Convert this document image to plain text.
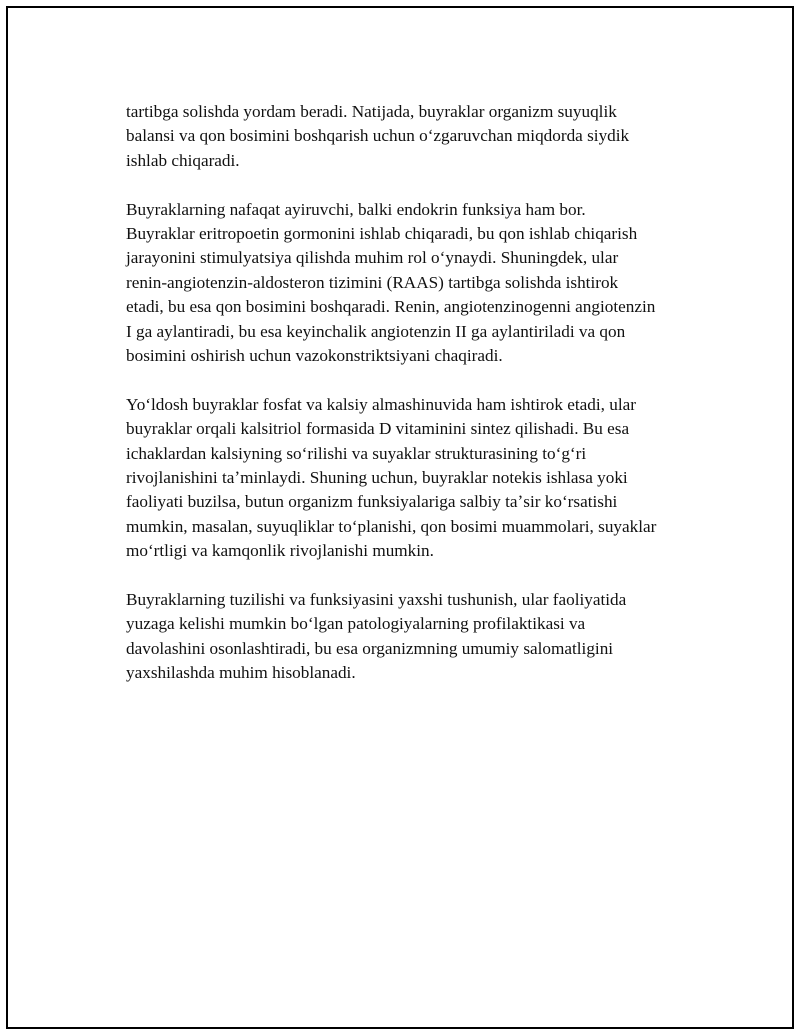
tartibga solishda yordam beradi. Natijada, buyraklar organizm suyuqlik
balansi va qon bosimini boshqarish uchun oʻzgaruvchan miqdorda siydik
ishlab chiqaradi.

Buyraklarning nafaqat ayiruvchi, balki endokrin funksiya ham bor.
Buyraklar eritropoetin gormonini ishlab chiqaradi, bu qon ishlab chiqarish
jarayonini stimulyatsiya qilishda muhim rol oʻynaydi. Shuningdek, ular
renin-angiotenzin-aldosteron tizimini (RAAS) tartibga solishda ishtirok
etadi, bu esa qon bosimini boshqaradi. Renin, angiotenzinogenni angiotenzin
I ga aylantiradi, bu esa keyinchalik angiotenzin II ga aylantiriladi va qon
bosimini oshirish uchun vazokonstriktsiyani chaqiradi.

Yoʻldosh buyraklar fosfat va kalsiy almashinuvida ham ishtirok etadi, ular
buyraklar orqali kalsitriol formasida D vitaminini sintez qilishadi. Bu esa
ichaklardan kalsiyning soʻrilishi va suyaklar strukturasining toʻgʻri
rivojlanishini taʼminlaydi. Shuning uchun, buyraklar notekis ishlasa yoki
faoliyati buzilsa, butun organizm funksiyalariga salbiy taʼsir koʻrsatishi
mumkin, masalan, suyuqliklar toʻplanishi, qon bosimi muammolari, suyaklar
moʻrtligi va kamqonlik rivojlanishi mumkin.

Buyraklarning tuzilishi va funksiyasini yaxshi tushunish, ular faoliyatida
yuzaga kelishi mumkin boʻlgan patologiyalarning profilaktikasi va
davolashini osonlashtiradi, bu esa organizmning umumiy salomatligini
yaxshilashda muhim hisoblanadi.
